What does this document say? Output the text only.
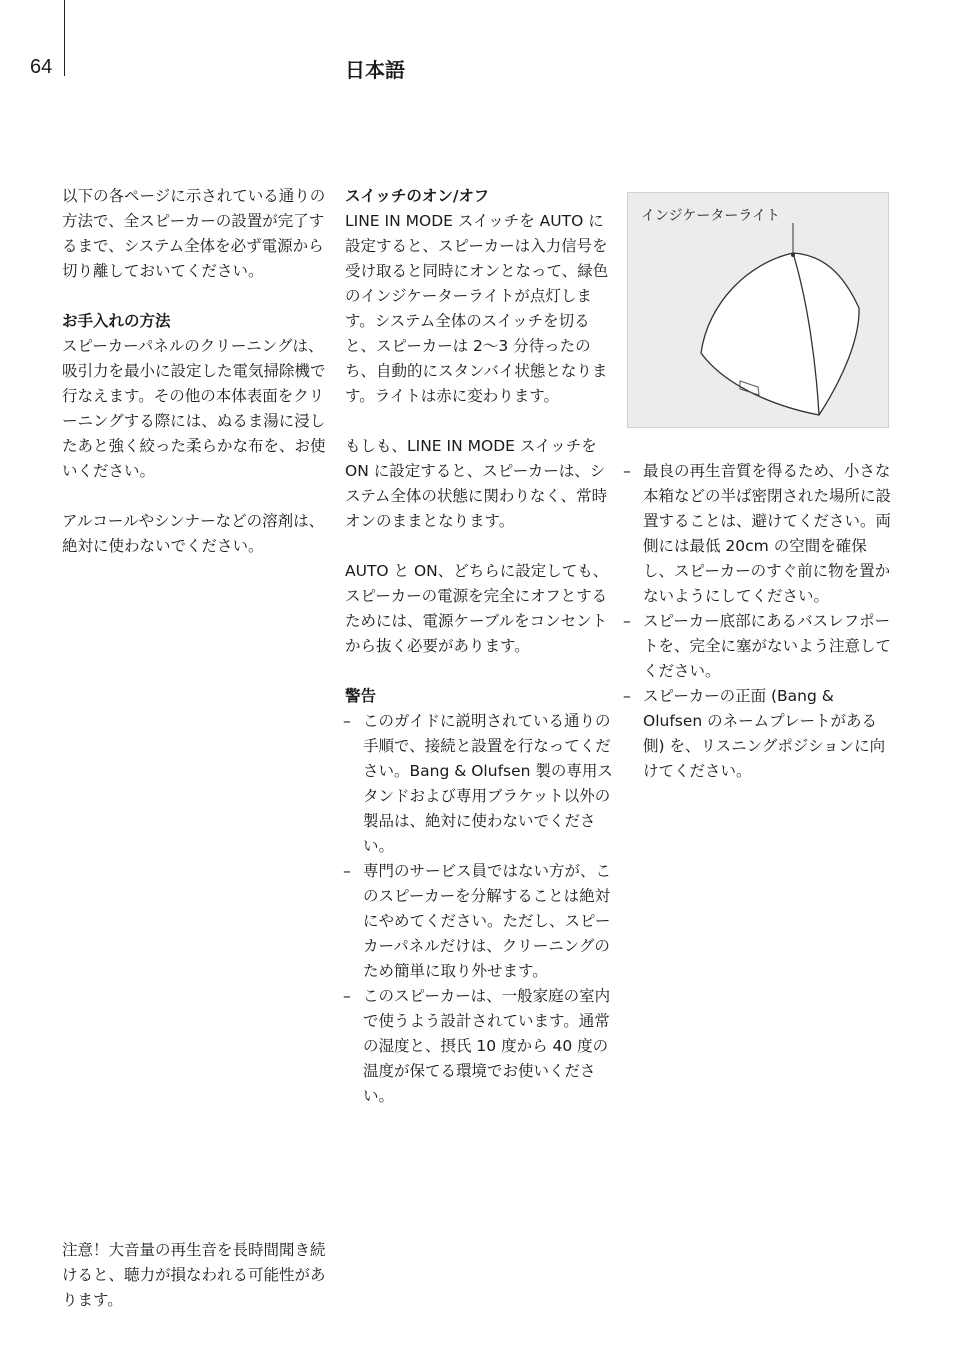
64	日本語

以下の各ページに示されている通りの方法で、全スピーカーの設置が完了するまで、システム全体を必ず電源から切り離しておいてください。

お手入れの方法

スピーカーパネルのクリーニングは、吸引力を最小に設定した電気掃除機で行なえます。その他の本体表面をクリーニングする際には、ぬるま湯に浸したあと強く絞った柔らかな布を、お使いください。

アルコールやシンナーなどの溶剤は、絶対に使わないでください。

スイッチのオン/オフ

LINE IN MODE スイッチを AUTO に設定すると、スピーカーは入力信号を受け取ると同時にオンとなって、緑色のインジケーターライトが点灯します。システム全体のスイッチを切ると、スピーカーは 2〜3 分待ったのち、自動的にスタンバイ状態となります。ライトは赤に変わります。

もしも、LINE IN MODE スイッチを ON に設定すると、スピーカーは、システム全体の状態に関わりなく、常時オンのままとなります。

AUTO と ON、どちらに設定しても、スピーカーの電源を完全にオフとするためには、電源ケーブルをコンセントから抜く必要があります。

警告
– このガイドに説明されている通りの手順で、接続と設置を行なってください。Bang & Olufsen 製の専用スタンドおよび専用ブラケット以外の製品は、絶対に使わないでください。
– 専門のサービス員ではない方が、このスピーカーを分解することは絶対にやめてください。ただし、スピーカーパネルだけは、クリーニングのため簡単に取り外せます。
– このスピーカーは、一般家庭の室内で使うよう設計されています。通常の湿度と、摂氏 10 度から 40 度の温度が保てる環境でお使いください。
インジケーターライト
– 最良の再生音質を得るため、小さな本箱などの半ば密閉された場所に設置することは、避けてください。両側には最低 20cm の空間を確保し、スピーカーのすぐ前に物を置かないようにしてください。
– スピーカー底部にあるバスレフポートを、完全に塞がないよう注意してください。
– スピーカーの正面 (Bang & Olufsen のネームプレートがある側) を、リスニングポジションに向けてください。
注意！大音量の再生音を長時間聞き続けると、聴力が損なわれる可能性があります。
